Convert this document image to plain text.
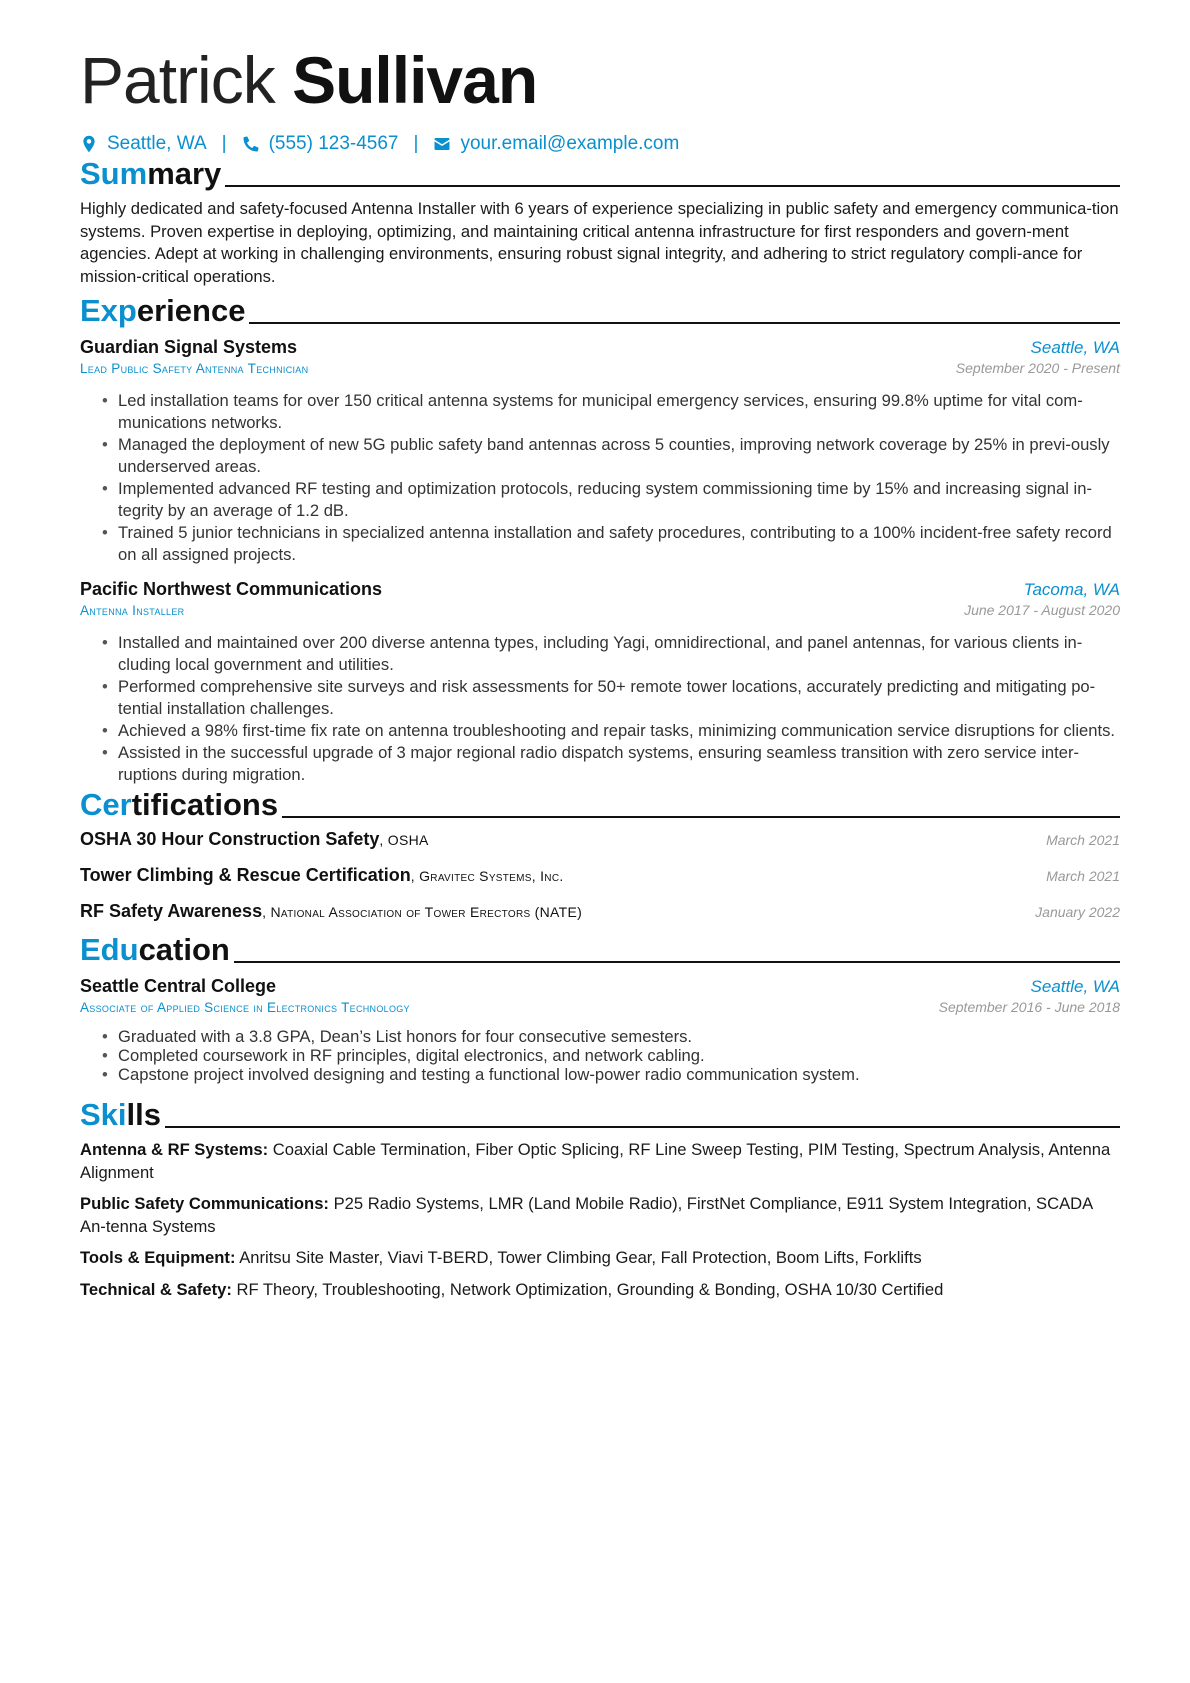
Patrick Sullivan
Seattle, WA | (555) 123-4567 | your.email@example.com
Summary
Highly dedicated and safety-focused Antenna Installer with 6 years of experience specializing in public safety and emergency communica-tion systems. Proven expertise in deploying, optimizing, and maintaining critical antenna infrastructure for first responders and govern-ment agencies. Adept at working in challenging environments, ensuring robust signal integrity, and adhering to strict regulatory compli-ance for mission-critical operations.
Experience
Guardian Signal Systems	Seattle, WA
Lead Public Safety Antenna Technician	September 2020 - Present
• Led installation teams for over 150 critical antenna systems for municipal emergency services, ensuring 99.8% uptime for vital com-munications networks.
• Managed the deployment of new 5G public safety band antennas across 5 counties, improving network coverage by 25% in previ-ously underserved areas.
• Implemented advanced RF testing and optimization protocols, reducing system commissioning time by 15% and increasing signal in-tegrity by an average of 1.2 dB.
• Trained 5 junior technicians in specialized antenna installation and safety procedures, contributing to a 100% incident-free safety record on all assigned projects.
Pacific Northwest Communications	Tacoma, WA
Antenna Installer	June 2017 - August 2020
• Installed and maintained over 200 diverse antenna types, including Yagi, omnidirectional, and panel antennas, for various clients in-cluding local government and utilities.
• Performed comprehensive site surveys and risk assessments for 50+ remote tower locations, accurately predicting and mitigating po-tential installation challenges.
• Achieved a 98% first-time fix rate on antenna troubleshooting and repair tasks, minimizing communication service disruptions for clients.
• Assisted in the successful upgrade of 3 major regional radio dispatch systems, ensuring seamless transition with zero service inter-ruptions during migration.
Certifications
OSHA 30 Hour Construction Safety, OSHA	March 2021
Tower Climbing & Rescue Certification, Gravitec Systems, Inc.	March 2021
RF Safety Awareness, National Association of Tower Erectors (NATE)	January 2022
Education
Seattle Central College	Seattle, WA
Associate of Applied Science in Electronics Technology	September 2016 - June 2018
• Graduated with a 3.8 GPA, Dean’s List honors for four consecutive semesters.
• Completed coursework in RF principles, digital electronics, and network cabling.
• Capstone project involved designing and testing a functional low-power radio communication system.
Skills
Antenna & RF Systems: Coaxial Cable Termination, Fiber Optic Splicing, RF Line Sweep Testing, PIM Testing, Spectrum Analysis, Antenna Alignment
Public Safety Communications: P25 Radio Systems, LMR (Land Mobile Radio), FirstNet Compliance, E911 System Integration, SCADA An-tenna Systems
Tools & Equipment: Anritsu Site Master, Viavi T-BERD, Tower Climbing Gear, Fall Protection, Boom Lifts, Forklifts
Technical & Safety: RF Theory, Troubleshooting, Network Optimization, Grounding & Bonding, OSHA 10/30 Certified
